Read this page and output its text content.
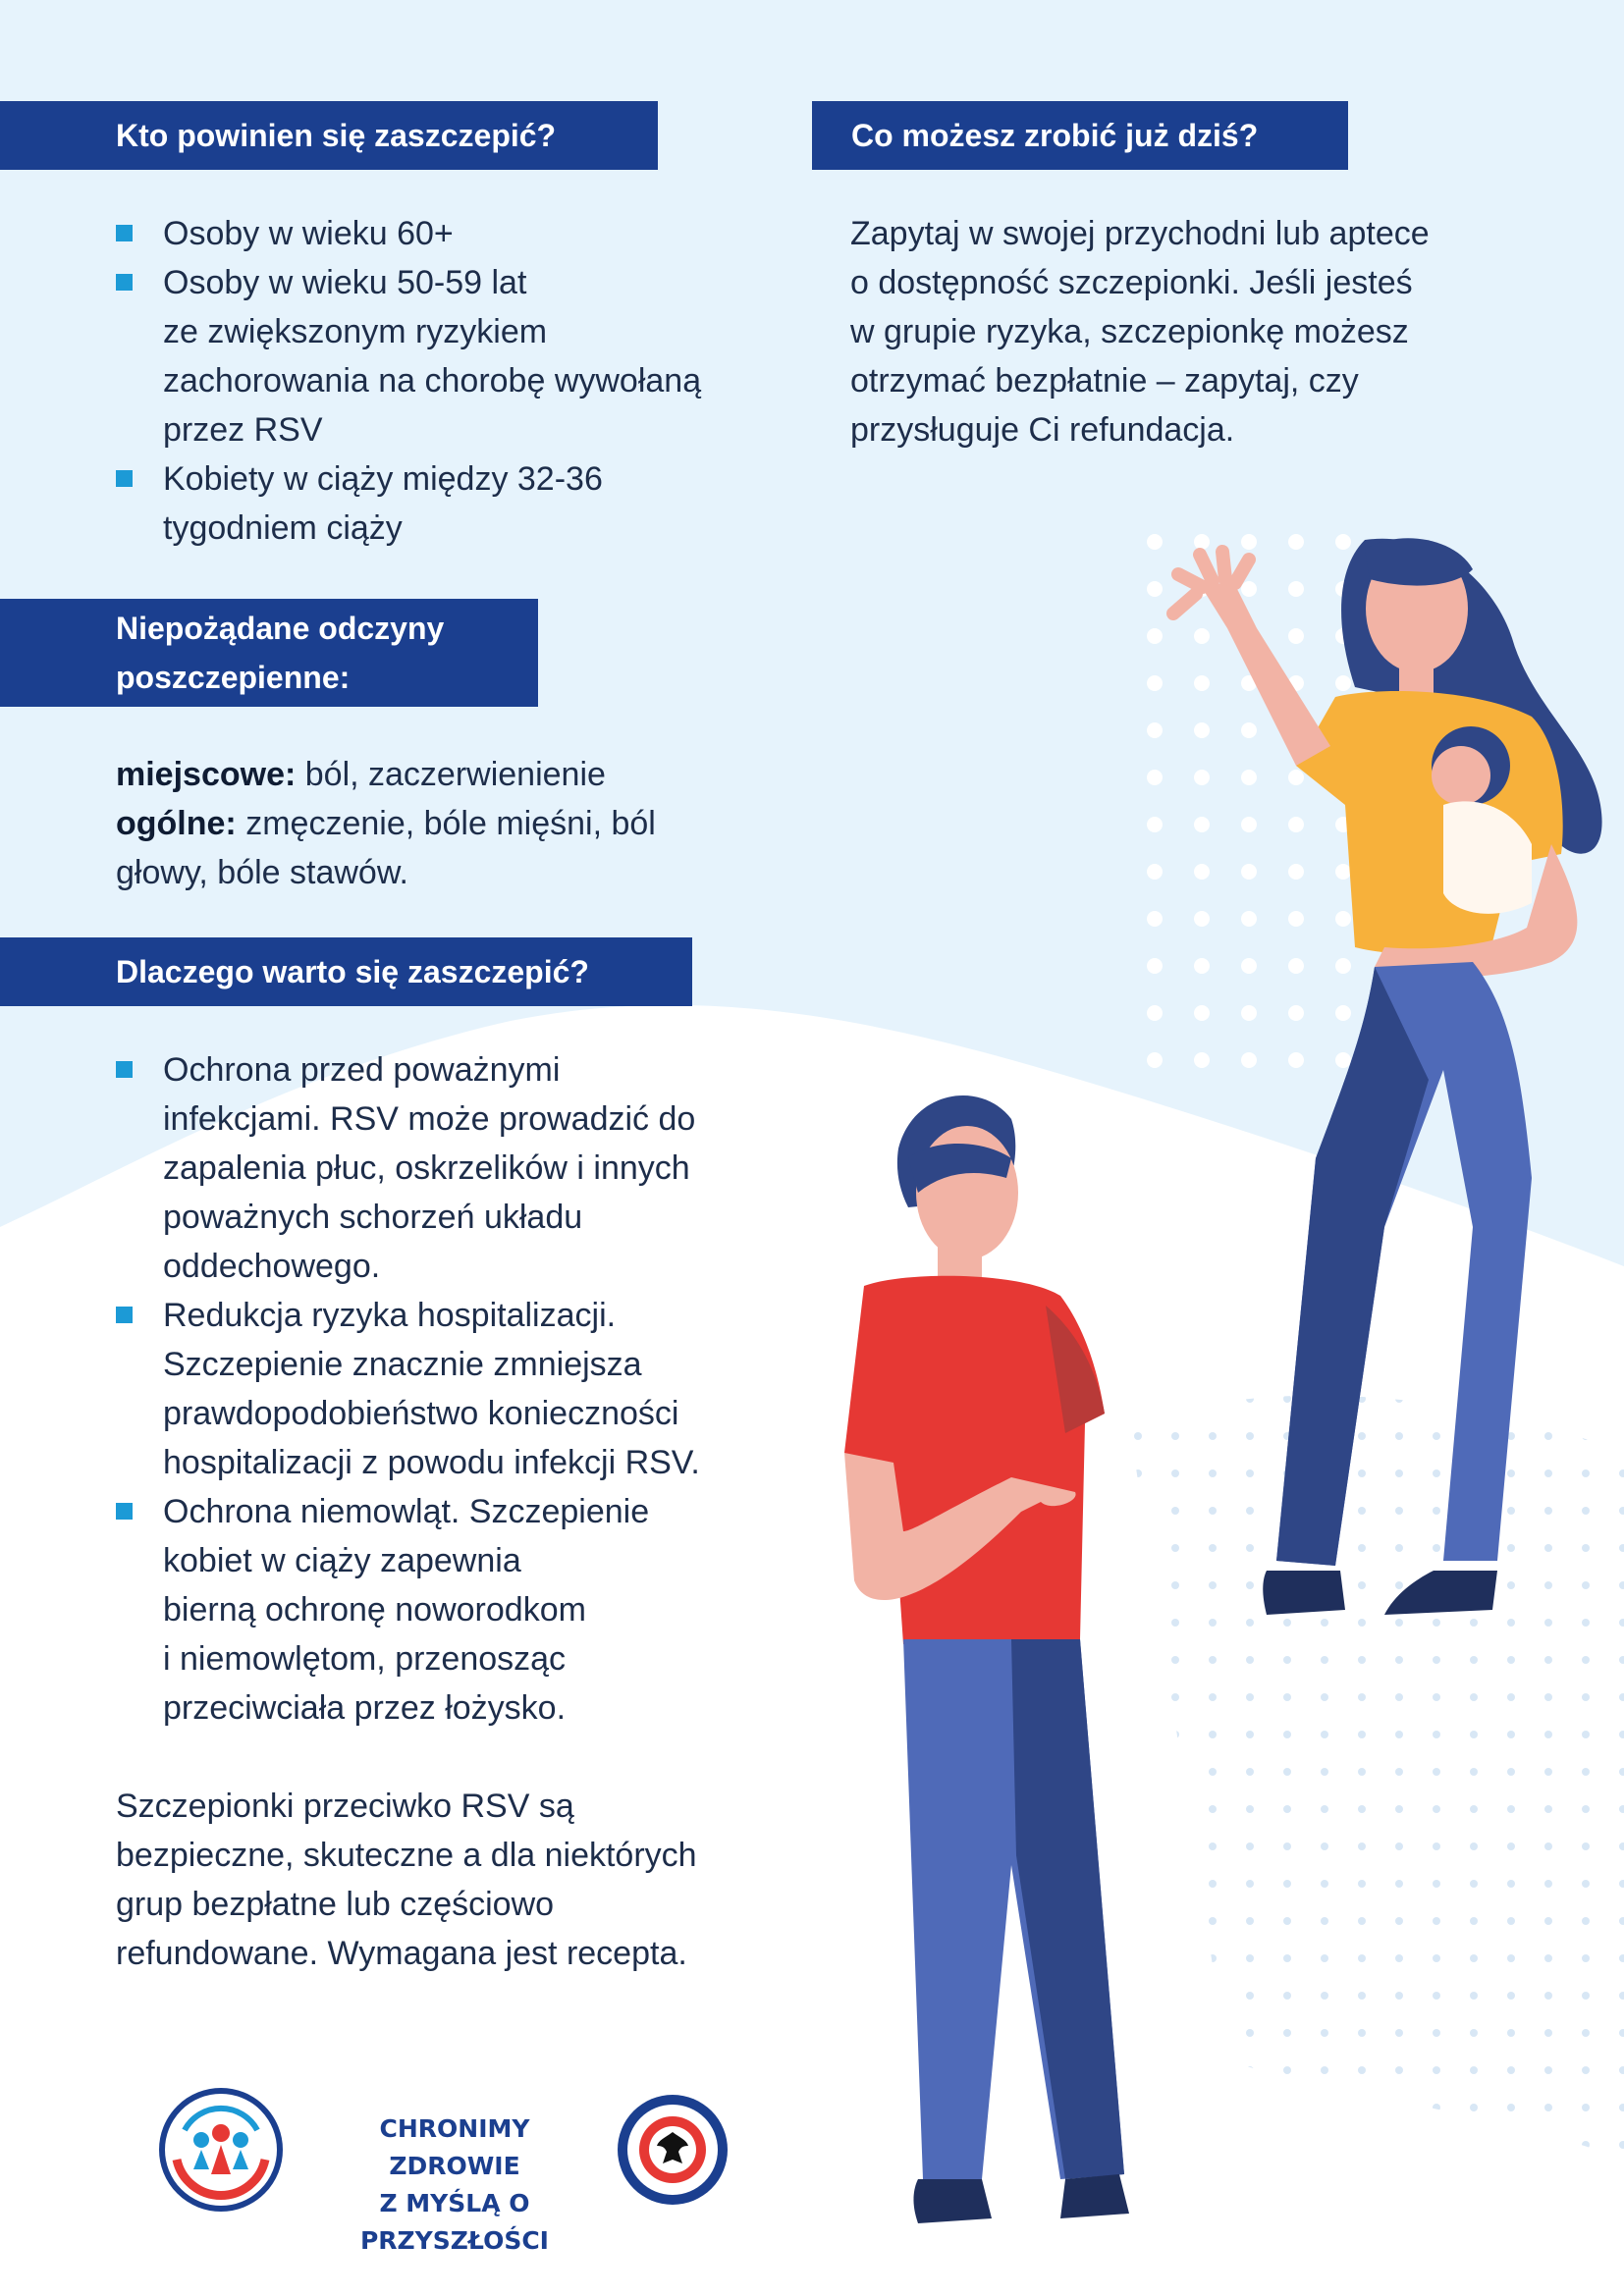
Kto powinien się zaszczepić?	Co możesz zrobić już dziś?
Osoby w wieku 60+
Osoby w wieku 50-59 lat
ze zwiększonym ryzykiem
zachorowania na chorobę wywołaną
przez RSV
Kobiety w ciąży między 32-36
tygodniem ciąży
Zapytaj w swojej przychodni lub aptece
o dostępność szczepionki. Jeśli jesteś
w grupie ryzyka, szczepionkę możesz
otrzymać bezpłatnie – zapytaj, czy
przysługuje Ci refundacja.
Niepożądane odczyny
poszczepienne:
miejscowe: ból, zaczerwienienie
ogólne: zmęczenie, bóle mięśni, ból
głowy, bóle stawów.
Dlaczego warto się zaszczepić?
Ochrona przed poważnymi
infekcjami. RSV może prowadzić do
zapalenia płuc, oskrzelików i innych
poważnych schorzeń układu
oddechowego.
Redukcja ryzyka hospitalizacji.
Szczepienie znacznie zmniejsza
prawdopodobieństwo konieczności
hospitalizacji z powodu infekcji RSV.
Ochrona niemowląt. Szczepienie
kobiet w ciąży zapewnia
bierną ochronę noworodkom
i niemowlętom, przenosząc
przeciwciała przez łożysko.
Szczepionki przeciwko RSV są
bezpieczne, skuteczne a dla niektórych
grup bezpłatne lub częściowo
refundowane. Wymagana jest recepta.
CHRONIMY ZDROWIE
Z MYŚLĄ O PRZYSZŁOŚCI
